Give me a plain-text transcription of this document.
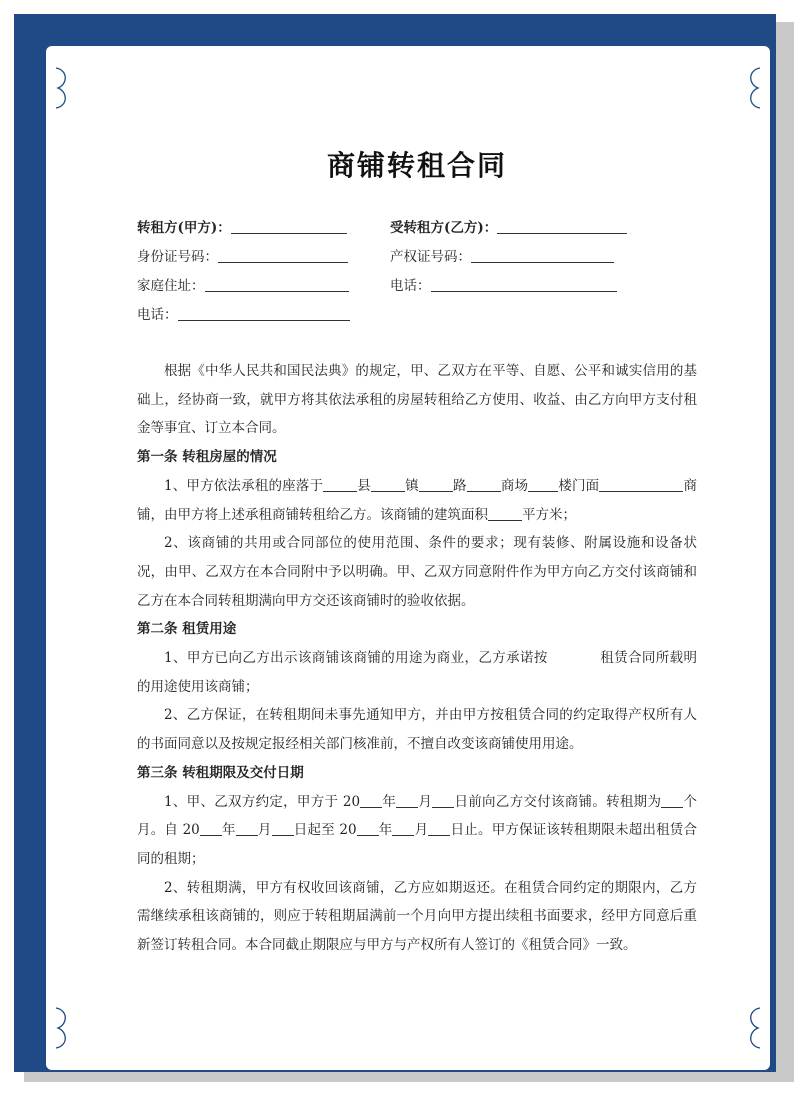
商铺转租合同
转租方(甲方)：	受转租方(乙方)：
身份证号码：	产权证号码：
家庭住址：	电话：
电话：

根据《中华人民共和国民法典》的规定，甲、乙双方在平等、自愿、公平和诚实信用的基础上，经协商一致，就甲方将其依法承租的房屋转租给乙方使用、收益、由乙方向甲方支付租金等事宜、订立本合同。

第一条 转租房屋的情况

1、甲方依法承租的座落于	县	镇	路	商场 楼门面	商铺，由甲方将上述承租商铺转租给乙方。该商铺的建筑面积	平方米；

2、该商铺的共用或合同部位的使用范围、条件的要求；现有装修、附属设施和设备状况，由甲、乙双方在本合同附中予以明确。甲、乙双方同意附件作为甲方向乙方交付该商铺和乙方在本合同转租期满向甲方交还该商铺时的验收依据。

第二条 租赁用途

1、甲方已向乙方出示该商铺该商铺的用途为商业，乙方承诺按	租赁合同所载明的用途使用该商铺；

2、乙方保证，在转租期间未事先通知甲方，并由甲方按租赁合同的约定取得产权所有人的书面同意以及按规定报经相关部门核准前，不擅自改变该商铺使用用途。

第三条 转租期限及交付日期

1、甲、乙双方约定，甲方于 20 年 月 日前向乙方交付该商铺。转租期为 个月。自 20 年 月 日起至 20 年 月 日止。甲方保证该转租期限未超出租赁合同的租期；

2、转租期满，甲方有权收回该商铺，乙方应如期返还。在租赁合同约定的期限内，乙方需继续承租该商铺的，则应于转租期届满前一个月向甲方提出续租书面要求，经甲方同意后重新签订转租合同。本合同截止期限应与甲方与产权所有人签订的《租赁合同》一致。
